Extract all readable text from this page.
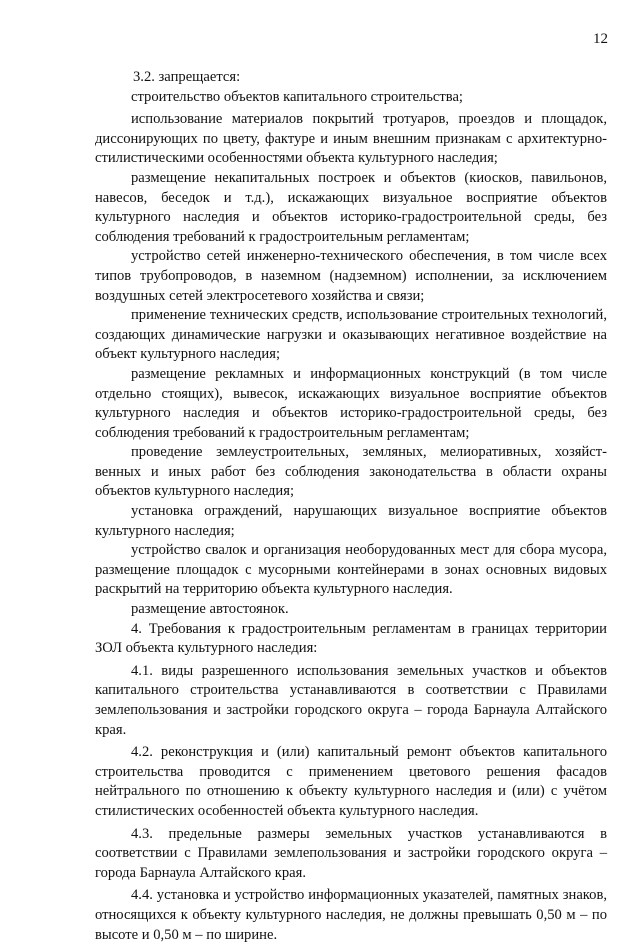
12

3.2. запрещается:

строительство объектов капитального строительства;

использование материалов покрытий тротуаров, проездов и площадок, диссонирующих по цвету, фактуре и иным внешним признакам с архитектурно-стилистическими особенностями объекта культурного наследия;

размещение некапитальных построек и объектов (киосков, павильонов, навесов, беседок и т.д.), искажающих визуальное восприятие объектов культурного наследия и объектов историко-градостроительной среды, без соблюдения требований к градостроительным регламентам;

устройство сетей инженерно-технического обеспечения, в том числе всех типов трубопроводов, в наземном (надземном) исполнении, за исключением воздушных сетей электросетевого хозяйства и связи;

применение технических средств, использование строительных технологий, создающих динамические нагрузки и оказывающих негативное воздействие на объект культурного наследия;

размещение рекламных и информационных конструкций (в том числе отдельно стоящих), вывесок, искажающих визуальное восприятие объектов культурного наследия и объектов историко-градостроительной среды, без соблюдения требований к градостроительным регламентам;

проведение землеустроительных, земляных, мелиоративных, хозяйственных и иных работ без соблюдения законодательства в области охраны объектов культурного наследия;

установка ограждений, нарушающих визуальное восприятие объектов культурного наследия;

устройство свалок и организация необорудованных мест для сбора мусора, размещение площадок с мусорными контейнерами в зонах основных видовых раскрытий на территорию объекта культурного наследия.

размещение автостоянок.

4. Требования к градостроительным регламентам в границах территории ЗОЛ объекта культурного наследия:

4.1. виды разрешенного использования земельных участков и объектов капитального строительства устанавливаются в соответствии с Правилами землепользования и застройки городского округа – города Барнаула Алтайского края.

4.2. реконструкция и (или) капитальный ремонт объектов капитального строительства проводится с применением цветового решения фасадов нейтрального по отношению к объекту культурного наследия и (или) с учётом стилистических особенностей объекта культурного наследия.

4.3. предельные размеры земельных участков устанавливаются в соответствии с Правилами землепользования и застройки городского округа – города Барнаула Алтайского края.

4.4. установка и устройство информационных указателей, памятных знаков, относящихся к объекту культурного наследия, не должны превышать 0,50 м – по высоте и 0,50 м – по ширине.
